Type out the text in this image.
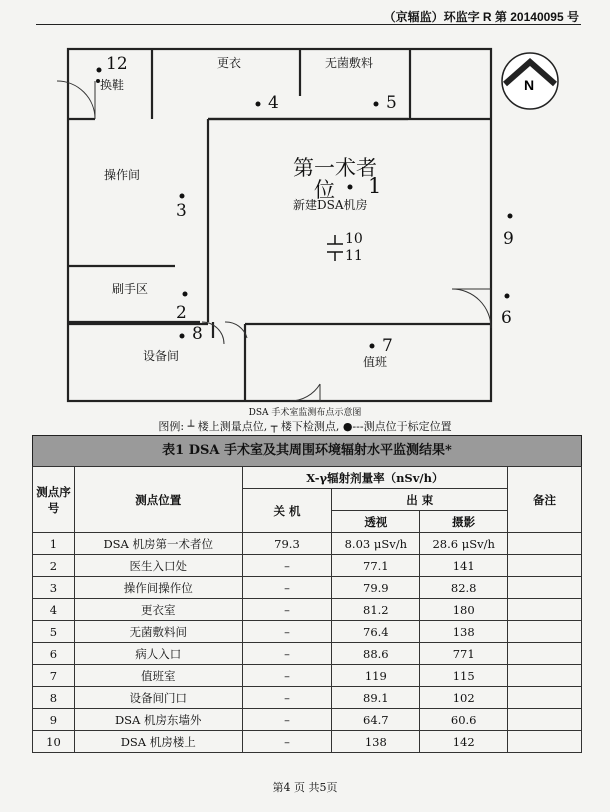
（京辐监）环监字 R 第 20140095 号
N
换鞋
更衣	无菌敷料
操作间	第一术者
位
新建DSA机房
刷手区
设备间	值班
12
4	5
1
3
9
10
11
2
8
6
7
DSA 手术室监测布点示意图
图例: ┴ 楼上测量点位, ┬ 楼下检测点, ●---测点位于标定位置
表1 DSA 手术室及其周围环境辐射水平监测结果*
测点序号	测点位置	X-γ辐射剂量率（nSv/h）			备注
		关 机	出 束		
			透视	摄影	
1	DSA 机房第一术者位	79.3	8.03 μSv/h	28.6 μSv/h	
2	医生入口处	–	77.1	141	
3	操作间操作位	–	79.9	82.8	
4	更衣室	–	81.2	180	
5	无菌敷料间	–	76.4	138	
6	病人入口	–	88.6	771	
7	值班室	–	119	115	
8	设备间门口	–	89.1	102	
9	DSA 机房东墙外	–	64.7	60.6	
10	DSA 机房楼上	–	138	142	
第4 页 共5页
